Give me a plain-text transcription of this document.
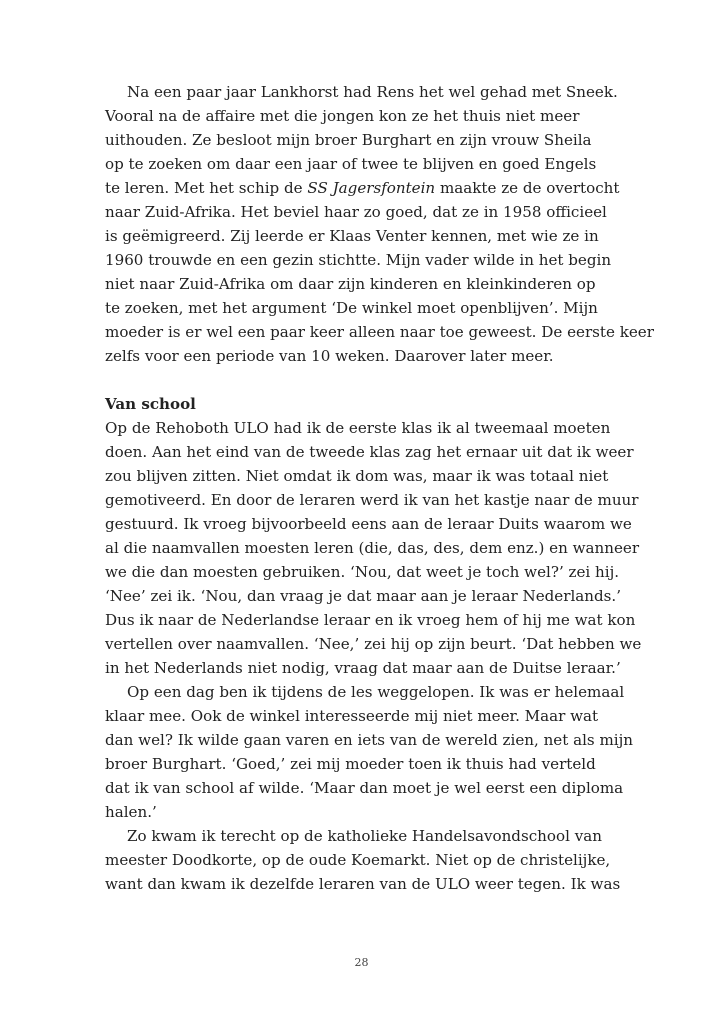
Na een paar jaar Lankhorst had Rens het wel gehad met Sneek.
Vooral na de affaire met die jongen kon ze het thuis niet meer
uithouden. Ze besloot mijn broer Burghart en zijn vrouw Sheila
op te zoeken om daar een jaar of twee te blijven en goed Engels
te leren. Met het schip de SS Jagersfontein maakte ze de overtocht
naar Zuid-Afrika. Het beviel haar zo goed, dat ze in 1958 officieel
is geëmigreerd. Zij leerde er Klaas Venter kennen, met wie ze in
1960 trouwde en een gezin stichtte. Mijn vader wilde in het begin
niet naar Zuid-Afrika om daar zijn kinderen en kleinkinderen op
te zoeken, met het argument ‘De winkel moet openblijven’. Mijn
moeder is er wel een paar keer alleen naar toe geweest. De eerste keer
zelfs voor een periode van 10 weken. Daarover later meer.
Van school
Op de Rehoboth ULO had ik de eerste klas ik al tweemaal moeten
doen. Aan het eind van de tweede klas zag het ernaar uit dat ik weer
zou blijven zitten. Niet omdat ik dom was, maar ik was totaal niet
gemotiveerd. En door de leraren werd ik van het kastje naar de muur
gestuurd. Ik vroeg bijvoorbeeld eens aan de leraar Duits waarom we
al die naamvallen moesten leren (die, das, des, dem enz.) en wanneer
we die dan moesten gebruiken. ‘Nou, dat weet je toch wel?’ zei hij.
‘Nee’ zei ik. ‘Nou, dan vraag je dat maar aan je leraar Nederlands.’
Dus ik naar de Nederlandse leraar en ik vroeg hem of hij me wat kon
vertellen over naamvallen. ‘Nee,’ zei hij op zijn beurt. ‘Dat hebben we
in het Nederlands niet nodig, vraag dat maar aan de Duitse leraar.’
Op een dag ben ik tijdens de les weggelopen. Ik was er helemaal
klaar mee. Ook de winkel interesseerde mij niet meer. Maar wat
dan wel? Ik wilde gaan varen en iets van de wereld zien, net als mijn
broer Burghart. ‘Goed,’ zei mij moeder toen ik thuis had verteld
dat ik van school af wilde. ‘Maar dan moet je wel eerst een diploma
halen.’
Zo kwam ik terecht op de katholieke Handelsavondschool van
meester Doodkorte, op de oude Koemarkt. Niet op de christelijke,
want dan kwam ik dezelfde leraren van de ULO weer tegen. Ik was
28
